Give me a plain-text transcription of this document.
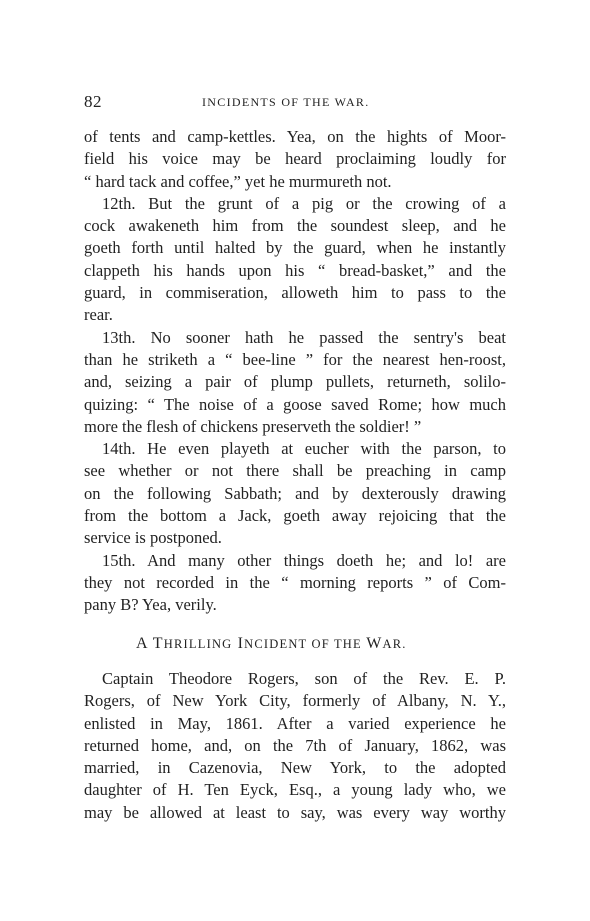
82	INCIDENTS OF THE WAR.
of tents and camp-kettles. Yea, on the hights of Moor-
field his voice may be heard proclaiming loudly for
“ hard tack and coffee,” yet he murmureth not.
12th. But the grunt of a pig or the crowing of a
cock awakeneth him from the soundest sleep, and he
goeth forth until halted by the guard, when he instantly
clappeth his hands upon his “ bread-basket,” and the
guard, in commiseration, alloweth him to pass to the
rear.
13th. No sooner hath he passed the sentry's beat
than he striketh a “ bee-line ” for the nearest hen-roost,
and, seizing a pair of plump pullets, returneth, solilo-
quizing: “ The noise of a goose saved Rome; how much
more the flesh of chickens preserveth the soldier! ”
14th. He even playeth at eucher with the parson, to
see whether or not there shall be preaching in camp
on the following Sabbath; and by dexterously drawing
from the bottom a Jack, goeth away rejoicing that the
service is postponed.
15th. And many other things doeth he; and lo! are
they not recorded in the “ morning reports ” of Com-
pany B? Yea, verily.
A THRILLING INCIDENT OF THE WAR.
Captain Theodore Rogers, son of the Rev. E. P.
Rogers, of New York City, formerly of Albany, N. Y.,
enlisted in May, 1861. After a varied experience he
returned home, and, on the 7th of January, 1862, was
married, in Cazenovia, New York, to the adopted
daughter of H. Ten Eyck, Esq., a young lady who, we
may be allowed at least to say, was every way worthy
